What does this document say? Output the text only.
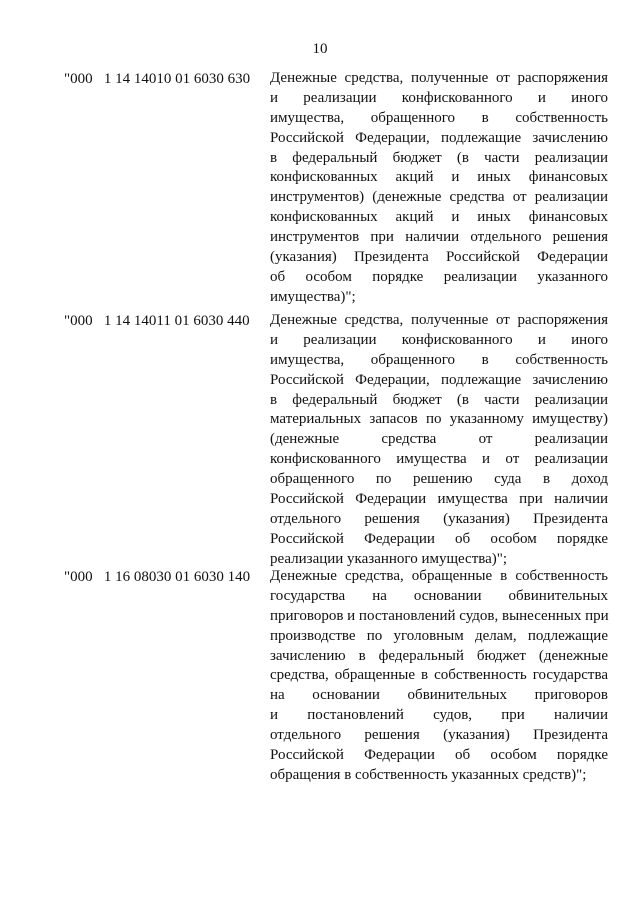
10
"000   1 14 14010 01 6030 630 Денежные средства, полученные от распоряжения
и реализации конфискованного и иного
имущества, обращенного в собственность
Российской Федерации, подлежащие зачислению
в федеральный бюджет (в части реализации
конфискованных акций и иных финансовых
инструментов) (денежные средства от реализации
конфискованных акций и иных финансовых
инструментов при наличии отдельного решения
(указания) Президента Российской Федерации
об особом порядке реализации указанного
имущества)";
"000   1 14 14011 01 6030 440 Денежные средства, полученные от распоряжения
и реализации конфискованного и иного
имущества, обращенного в собственность
Российской Федерации, подлежащие зачислению
в федеральный бюджет (в части реализации
материальных запасов по указанному имуществу)
(денежные средства от реализации
конфискованного имущества и от реализации
обращенного по решению суда в доход
Российской Федерации имущества при наличии
отдельного решения (указания) Президента
Российской Федерации об особом порядке
реализации указанного имущества)";
"000   1 16 08030 01 6030 140 Денежные средства, обращенные в собственность
государства на основании обвинительных
приговоров и постановлений судов, вынесенных при
производстве по уголовным делам, подлежащие
зачислению в федеральный бюджет (денежные
средства, обращенные в собственность государства
на основании обвинительных приговоров
и постановлений судов, при наличии
отдельного решения (указания) Президента
Российской Федерации об особом порядке
обращения в собственность указанных средств)";
